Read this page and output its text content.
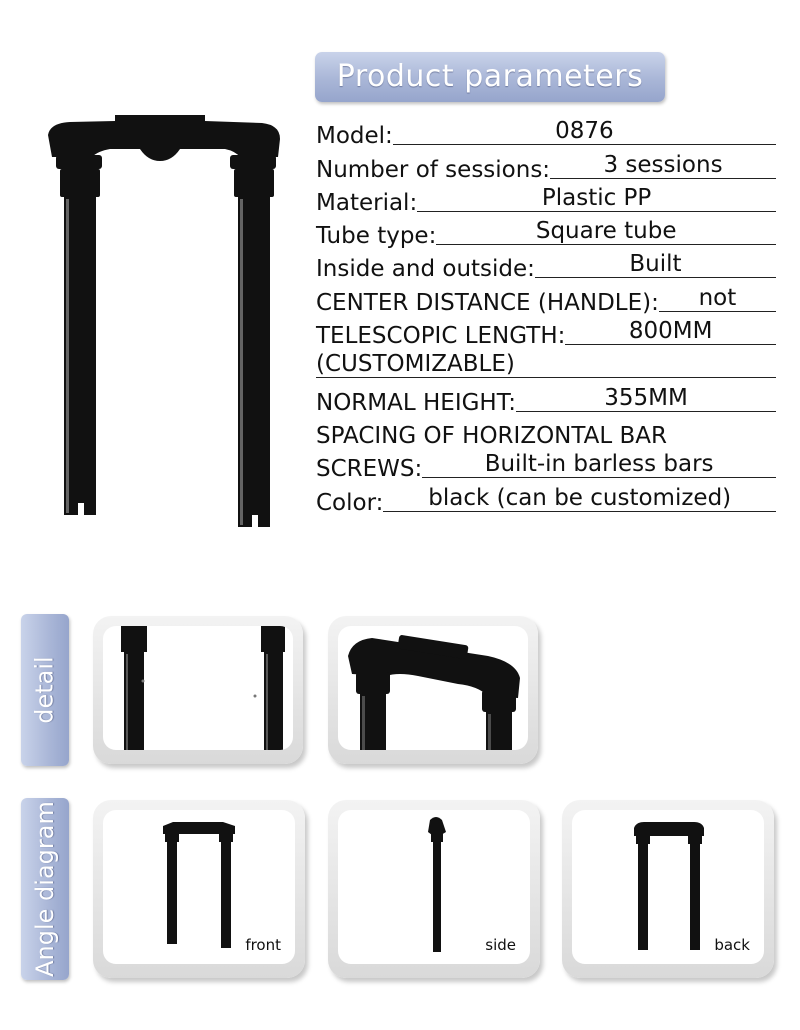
Product parameters
Model:	0876
Number of sessions:	3 sessions
Material:	Plastic PP
Tube type:	Square tube
Inside and outside:	Built
CENTER DISTANCE (HANDLE):	not
TELESCOPIC LENGTH:	800MM
(CUSTOMIZABLE)
NORMAL HEIGHT:	355MM
SPACING OF HORIZONTAL BAR
SCREWS:	Built-in barless bars
Color:	black (can be customized)
detail
Angle diagram	front	side	back
